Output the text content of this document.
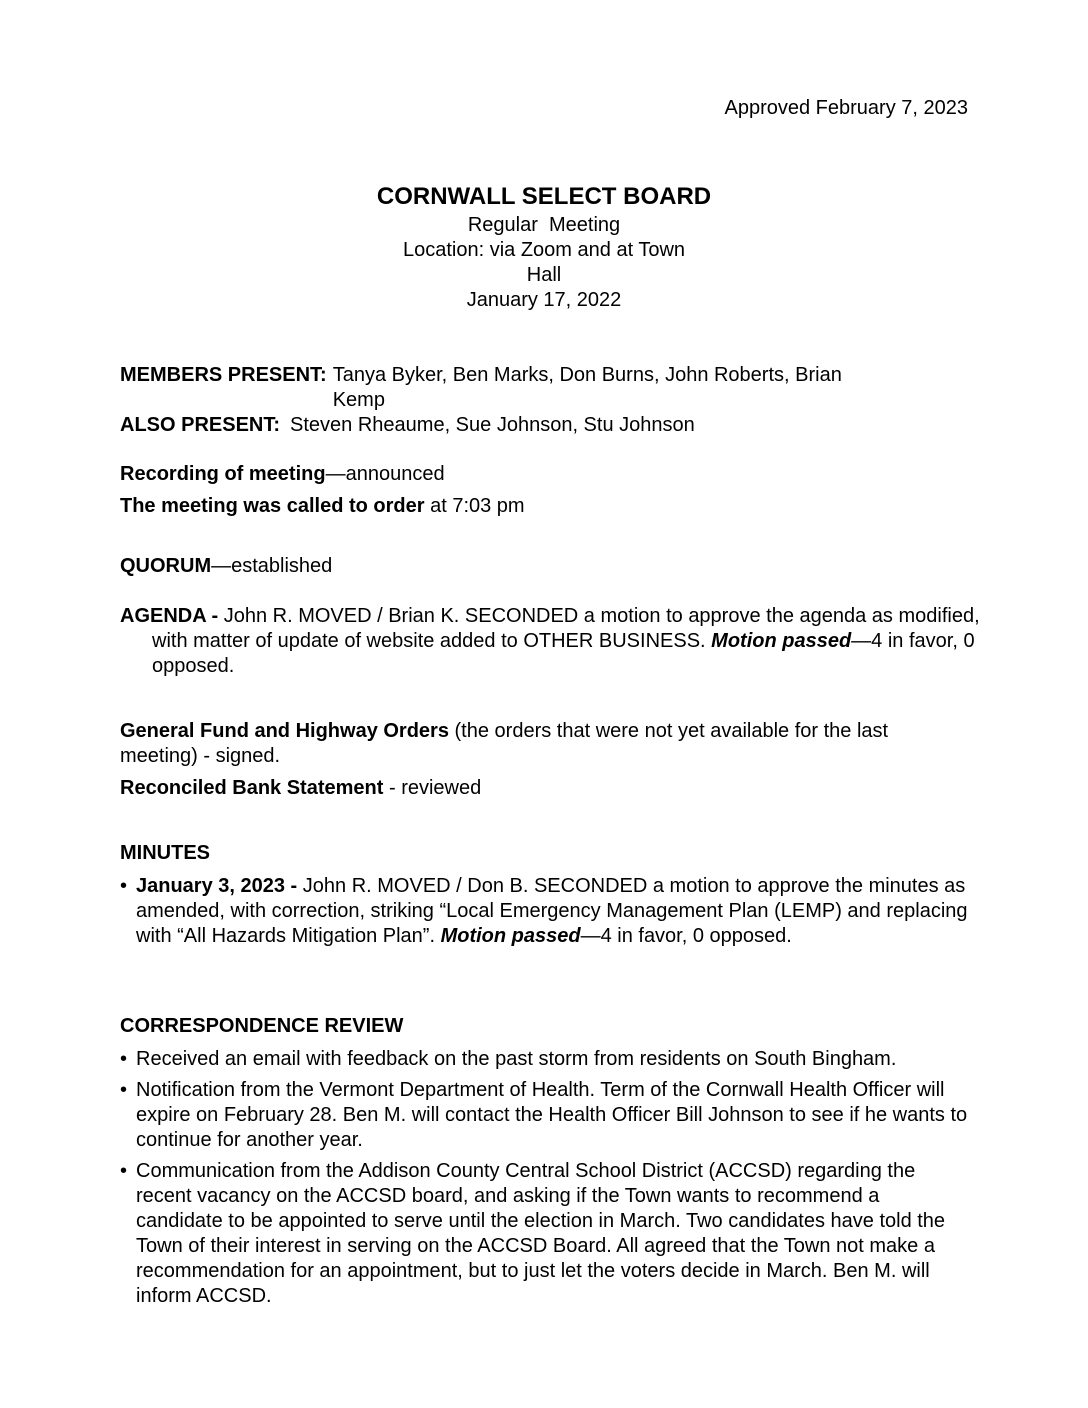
Approved February 7, 2023
CORNWALL SELECT BOARD
Regular  Meeting
Location: via Zoom and at Town Hall
January 17, 2022
MEMBERS PRESENT: Tanya Byker, Ben Marks, Don Burns, John Roberts, Brian Kemp
ALSO PRESENT: Steven Rheaume, Sue Johnson, Stu Johnson
Recording of meeting—announced
The meeting was called to order at 7:03 pm
QUORUM—established
AGENDA - John R. MOVED / Brian K. SECONDED a motion to approve the agenda as modified, with matter of update of website added to OTHER BUSINESS. Motion passed—4 in favor, 0 opposed.
General Fund and Highway Orders (the orders that were not yet available for the last meeting) - signed.
Reconciled Bank Statement - reviewed
MINUTES
• January 3, 2023 - John R. MOVED / Don B. SECONDED a motion to approve the minutes as amended, with correction, striking “Local Emergency Management Plan (LEMP) and replacing with “All Hazards Mitigation Plan”. Motion passed—4 in favor, 0 opposed.
CORRESPONDENCE REVIEW
• Received an email with feedback on the past storm from residents on South Bingham.
• Notification from the Vermont Department of Health. Term of the Cornwall Health Officer will expire on February 28. Ben M. will contact the Health Officer Bill Johnson to see if he wants to continue for another year.
• Communication from the Addison County Central School District (ACCSD) regarding the recent vacancy on the ACCSD board, and asking if the Town wants to recommend a candidate to be appointed to serve until the election in March. Two candidates have told the Town of their interest in serving on the ACCSD Board. All agreed that the Town not make a recommendation for an appointment, but to just let the voters decide in March. Ben M. will inform ACCSD.
